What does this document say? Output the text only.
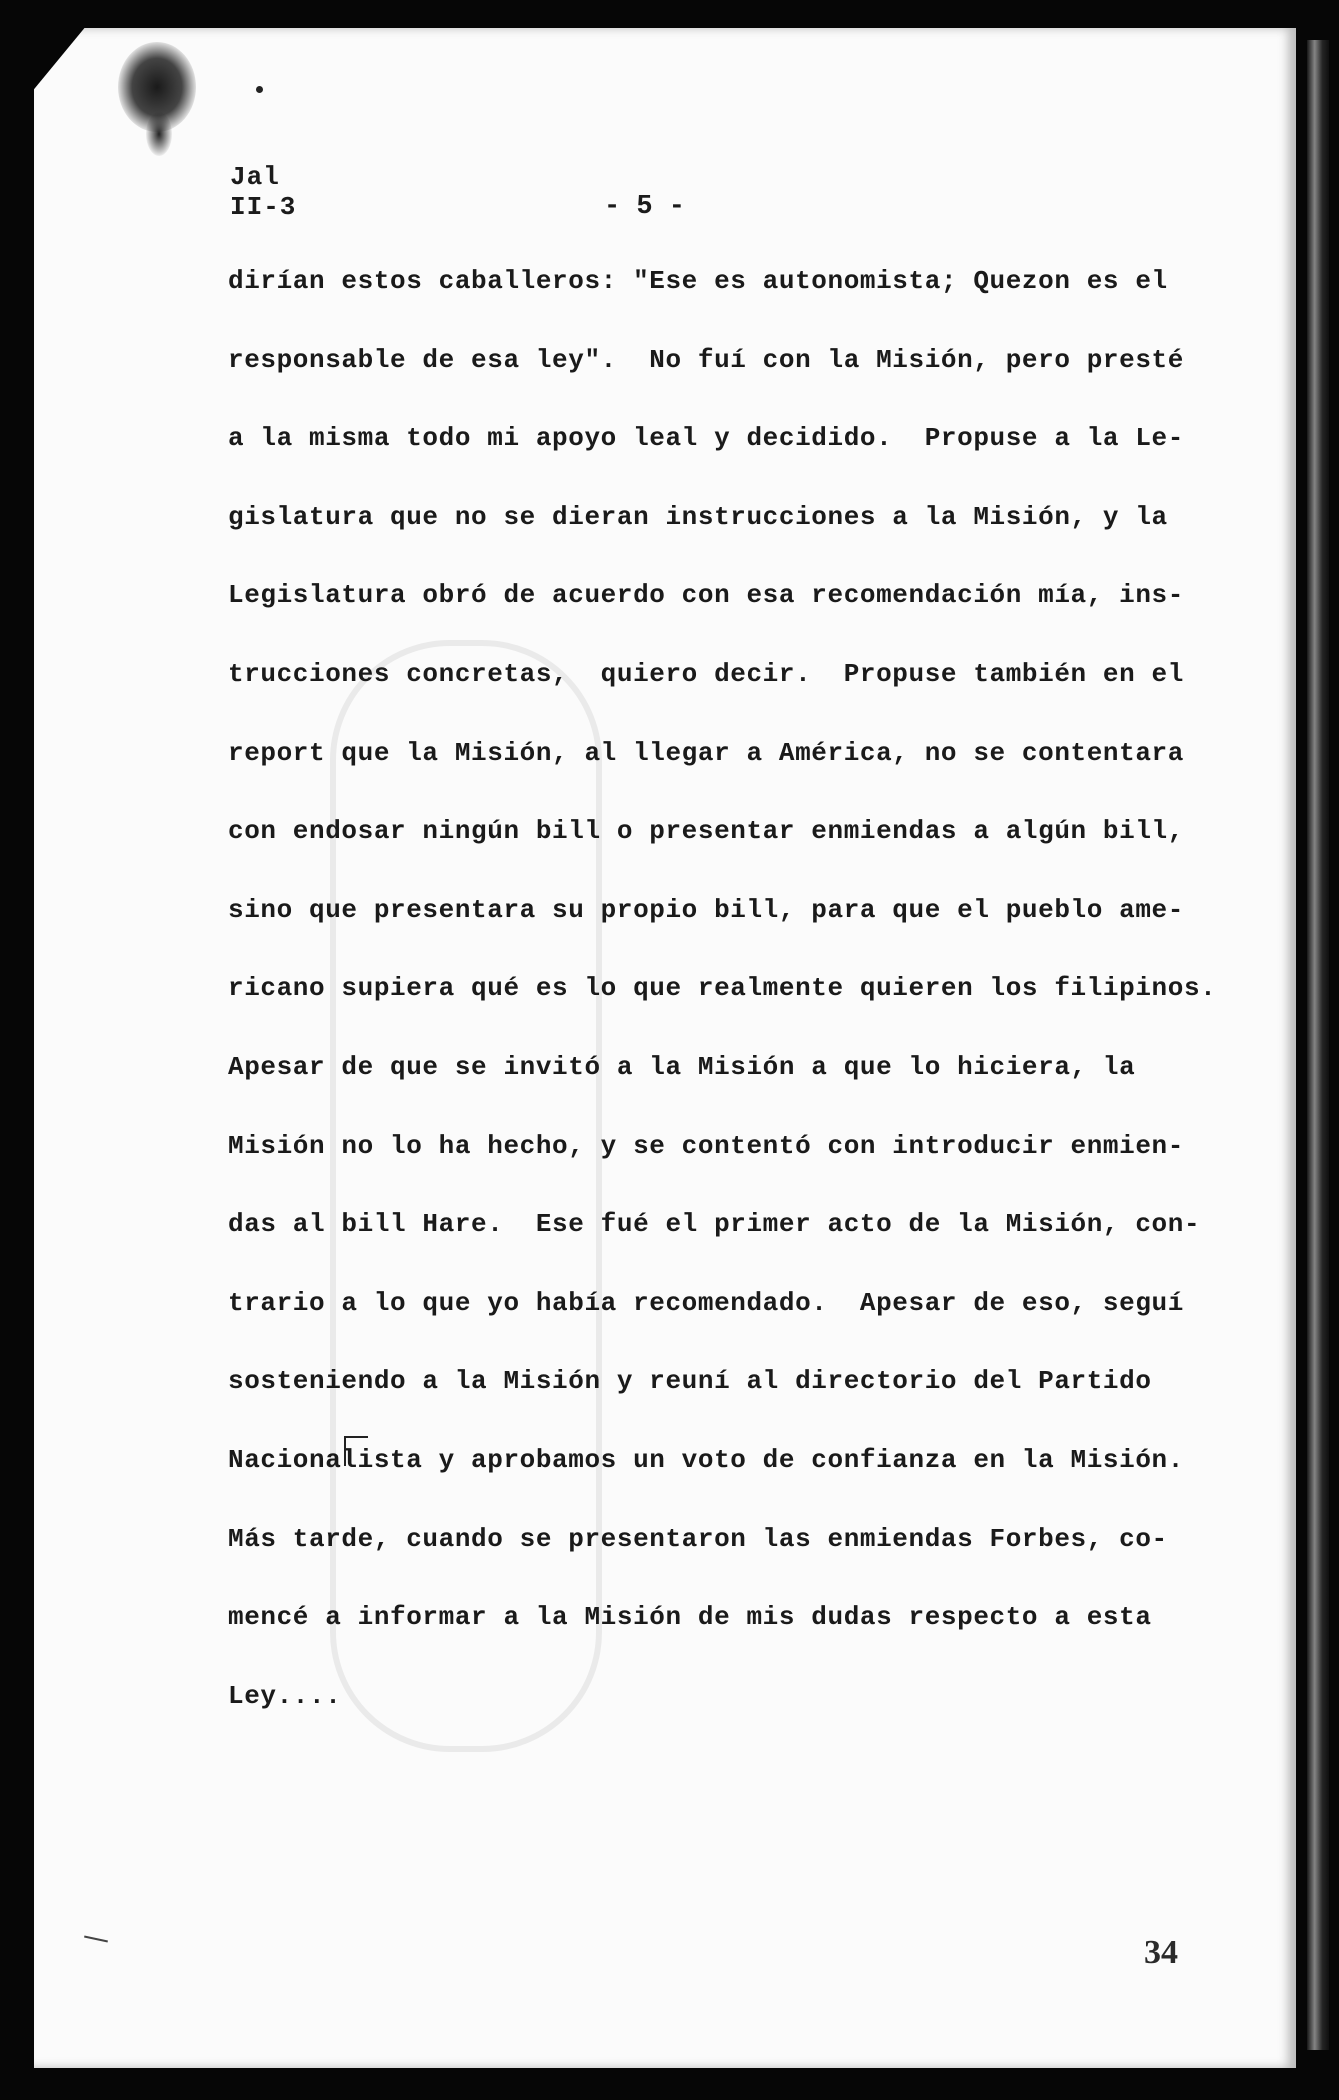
Jal
II-3	- 5 -
dirían estos caballeros: "Ese es autonomista; Quezon es el
responsable de esa ley".  No fuí con la Misión, pero presté
a la misma todo mi apoyo leal y decidido.  Propuse a la Le-
gislatura que no se dieran instrucciones a la Misión, y la
Legislatura obró de acuerdo con esa recomendación mía, ins-
trucciones concretas,  quiero decir.  Propuse también en el
report que la Misión, al llegar a América, no se contentara
con endosar ningún bill o presentar enmiendas a algún bill,
sino que presentara su propio bill, para que el pueblo ame-
ricano supiera qué es lo que realmente quieren los filipinos.
Apesar de que se invitó a la Misión a que lo hiciera, la
Misión no lo ha hecho, y se contentó con introducir enmien-
das al bill Hare.  Ese fué el primer acto de la Misión, con-
trario a lo que yo había recomendado.  Apesar de eso, seguí
sosteniendo a la Misión y reuní al directorio del Partido
Nacionalista y aprobamos un voto de confianza en la Misión.
Más tarde, cuando se presentaron las enmiendas Forbes, co-
mencé a informar a la Misión de mis dudas respecto a esta
Ley....
34
